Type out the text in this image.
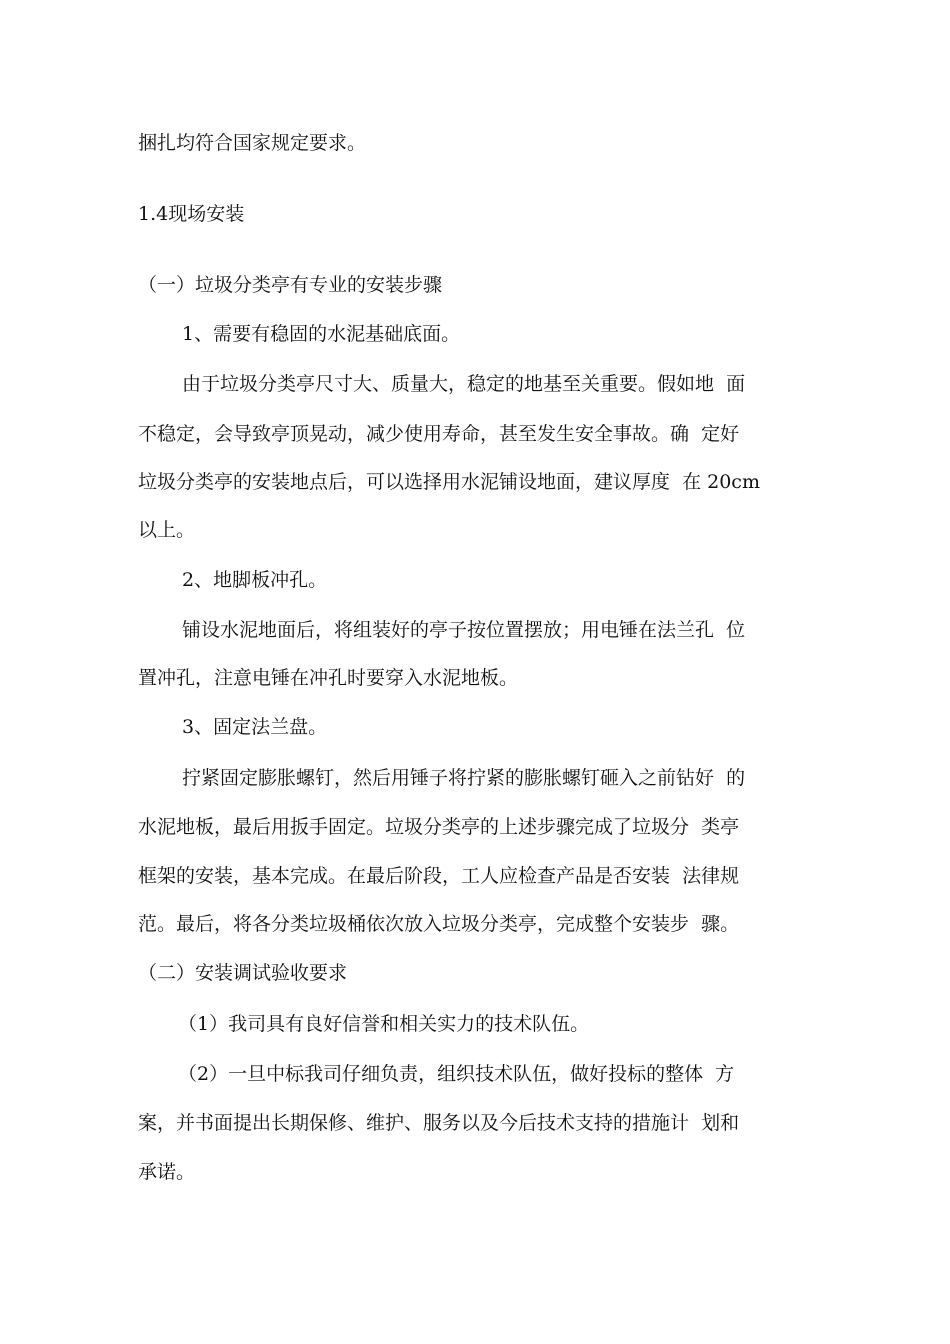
捆扎均符合国家规定要求。
1.4现场安装
（一）垃圾分类亭有专业的安装步骤
1、需要有稳固的水泥基础底面。
由于垃圾分类亭尺寸大、质量大，稳定的地基至关重要。假如地  面
不稳定，会导致亭顶晃动，减少使用寿命，甚至发生安全事故。确  定好
垃圾分类亭的安装地点后，可以选择用水泥铺设地面，建议厚度  在 20cm
以上。
2、地脚板冲孔。
铺设水泥地面后，将组装好的亭子按位置摆放；用电锤在法兰孔  位
置冲孔，注意电锤在冲孔时要穿入水泥地板。
3、固定法兰盘。
拧紧固定膨胀螺钉，然后用锤子将拧紧的膨胀螺钉砸入之前钻好  的
水泥地板，最后用扳手固定。垃圾分类亭的上述步骤完成了垃圾分  类亭
框架的安装，基本完成。在最后阶段，工人应检查产品是否安装  法律规
范。最后，将各分类垃圾桶依次放入垃圾分类亭，完成整个安装步  骤。
（二）安装调试验收要求
（1）我司具有良好信誉和相关实力的技术队伍。
（2）一旦中标我司仔细负责，组织技术队伍，做好投标的整体  方
案，并书面提出长期保修、维护、服务以及今后技术支持的措施计  划和
承诺。
